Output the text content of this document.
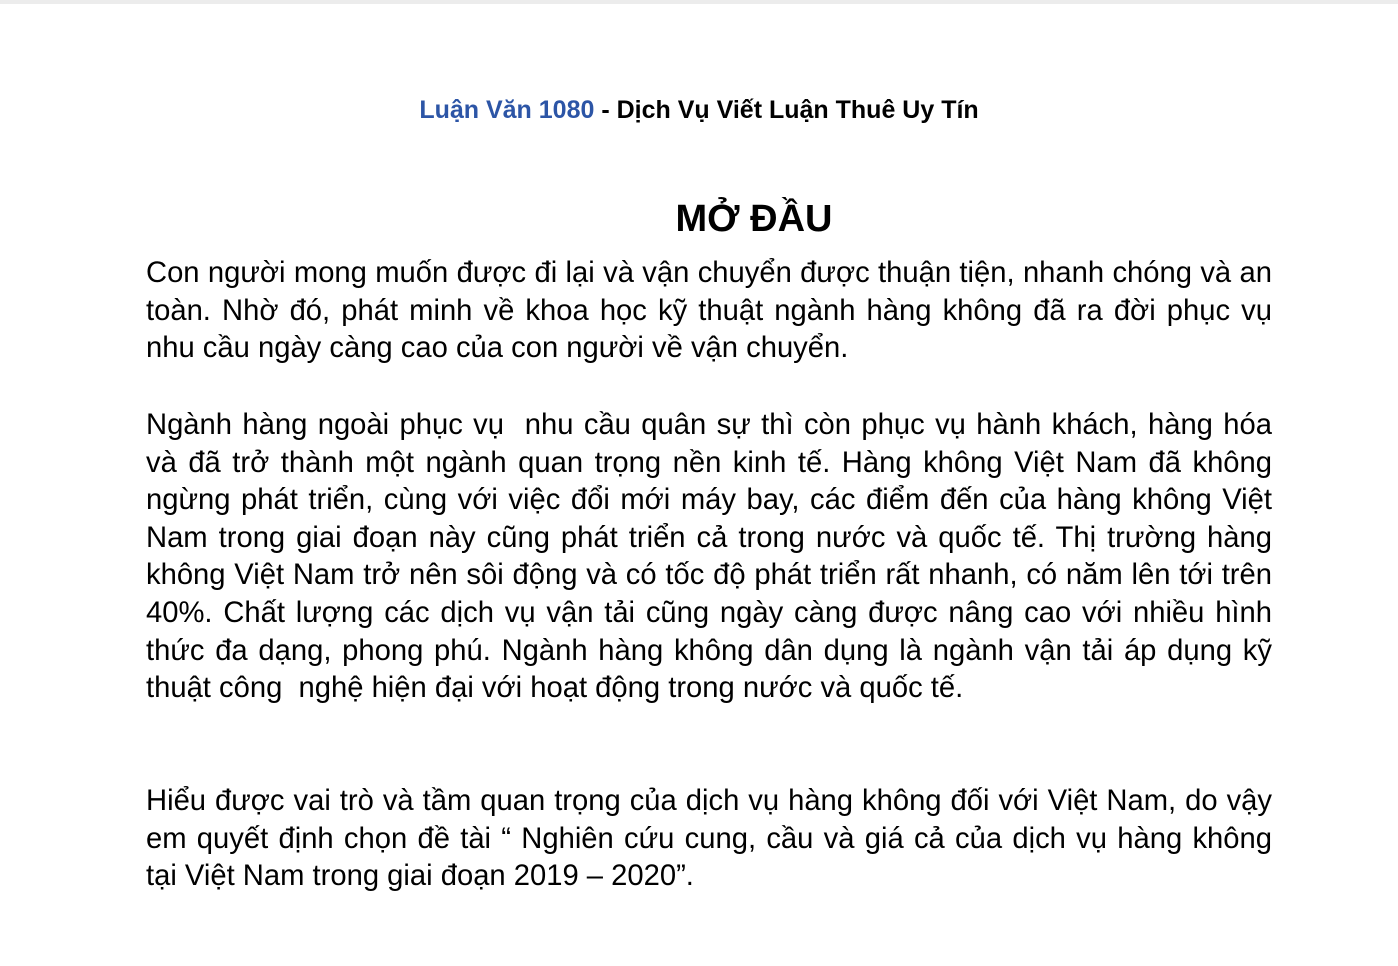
Luận Văn 1080 - Dịch Vụ Viết Luận Thuê Uy Tín
MỞ ĐẦU

Con người mong muốn được đi lại và vận chuyển được thuận tiện, nhanh chóng và an toàn. Nhờ đó, phát minh về khoa học kỹ thuật ngành hàng không đã ra đời phục vụ nhu cầu ngày càng cao của con người về vận chuyển.

Ngành hàng ngoài phục vụ  nhu cầu quân sự thì còn phục vụ hành khách, hàng hóa và đã trở thành một ngành quan trọng nền kinh tế. Hàng không Việt Nam đã không  ngừng phát triển, cùng với việc đổi mới máy bay, các điểm đến của hàng không Việt  Nam trong giai đoạn này cũng phát triển cả trong nước và quốc tế. Thị trường hàng không Việt Nam trở nên sôi động và có tốc độ phát triển rất nhanh, có năm lên tới trên 40%. Chất lượng các dịch vụ vận tải cũng ngày càng được nâng cao với nhiều hình thức đa dạng, phong phú. Ngành hàng không dân dụng là ngành vận tải áp dụng kỹ thuật công  nghệ hiện đại với hoạt động trong nước và quốc tế.

Hiểu được vai trò và tầm quan trọng của dịch vụ hàng không đối với Việt Nam, do vậy em quyết định chọn đề tài “ Nghiên cứu cung, cầu và giá cả của dịch vụ hàng không tại Việt Nam trong giai đoạn 2019 – 2020”.
